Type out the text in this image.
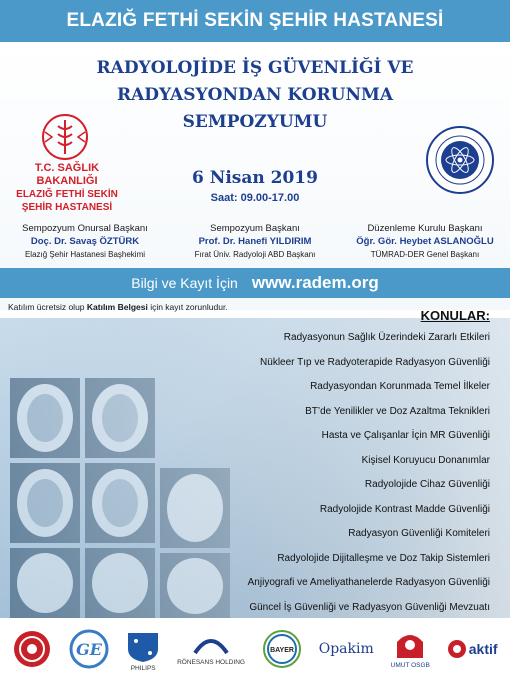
ELAZIĞ FETHİ SEKİN ŞEHİR HASTANESİ
RADYOLOJİDE İŞ GÜVENLİĞİ VE
RADYASYONDAN KORUNMA
SEMPOZYUMU
T.C. SAĞLIK BAKANLIĞI
ELAZIĞ FETHİ SEKİN
ŞEHİR HASTANESİ
6 Nisan 2019
Saat: 09.00-17.00
Sempozyum Onursal Başkanı
Doç. Dr. Savaş ÖZTÜRK
Elazığ Şehir Hastanesi Başhekimi
Sempozyum Başkanı
Prof. Dr. Hanefi YILDIRIM
Fırat Üniv. Radyoloji ABD Başkanı
Düzenleme Kurulu Başkanı
Öğr. Gör. Heybet ASLANOĞLU
TÜMRAD-DER Genel Başkanı
Bilgi ve Kayıt İçin www.radem.org
Katılım ücretsiz olup Katılım Belgesi için kayıt zorunludur.
KONULAR:
Radyasyonun Sağlık Üzerindeki Zararlı Etkileri
Nükleer Tıp ve Radyoterapide Radyasyon Güvenliği
Radyasyondan Korunmada Temel İlkeler
BT’de Yenilikler ve Doz Azaltma Teknikleri
Hasta ve Çalışanlar İçin MR Güvenliği
Kişisel Koruyucu Donanımlar
Radyolojide Cihaz Güvenliği
Radyolojide Kontrast Madde Güvenliği
Radyasyon Güvenliği Komiteleri
Radyolojide Dijitalleşme ve Doz Takip Sistemleri
Anjiyografi ve Ameliyathanelerde Radyasyon Güvenliği
Güncel İş Güvenliği ve Radyasyon Güvenliği Mevzuatı
GE
PHILIPS
RÖNESANS HOLDING
BAYER Opakim
UMUT OSGB
aktif
